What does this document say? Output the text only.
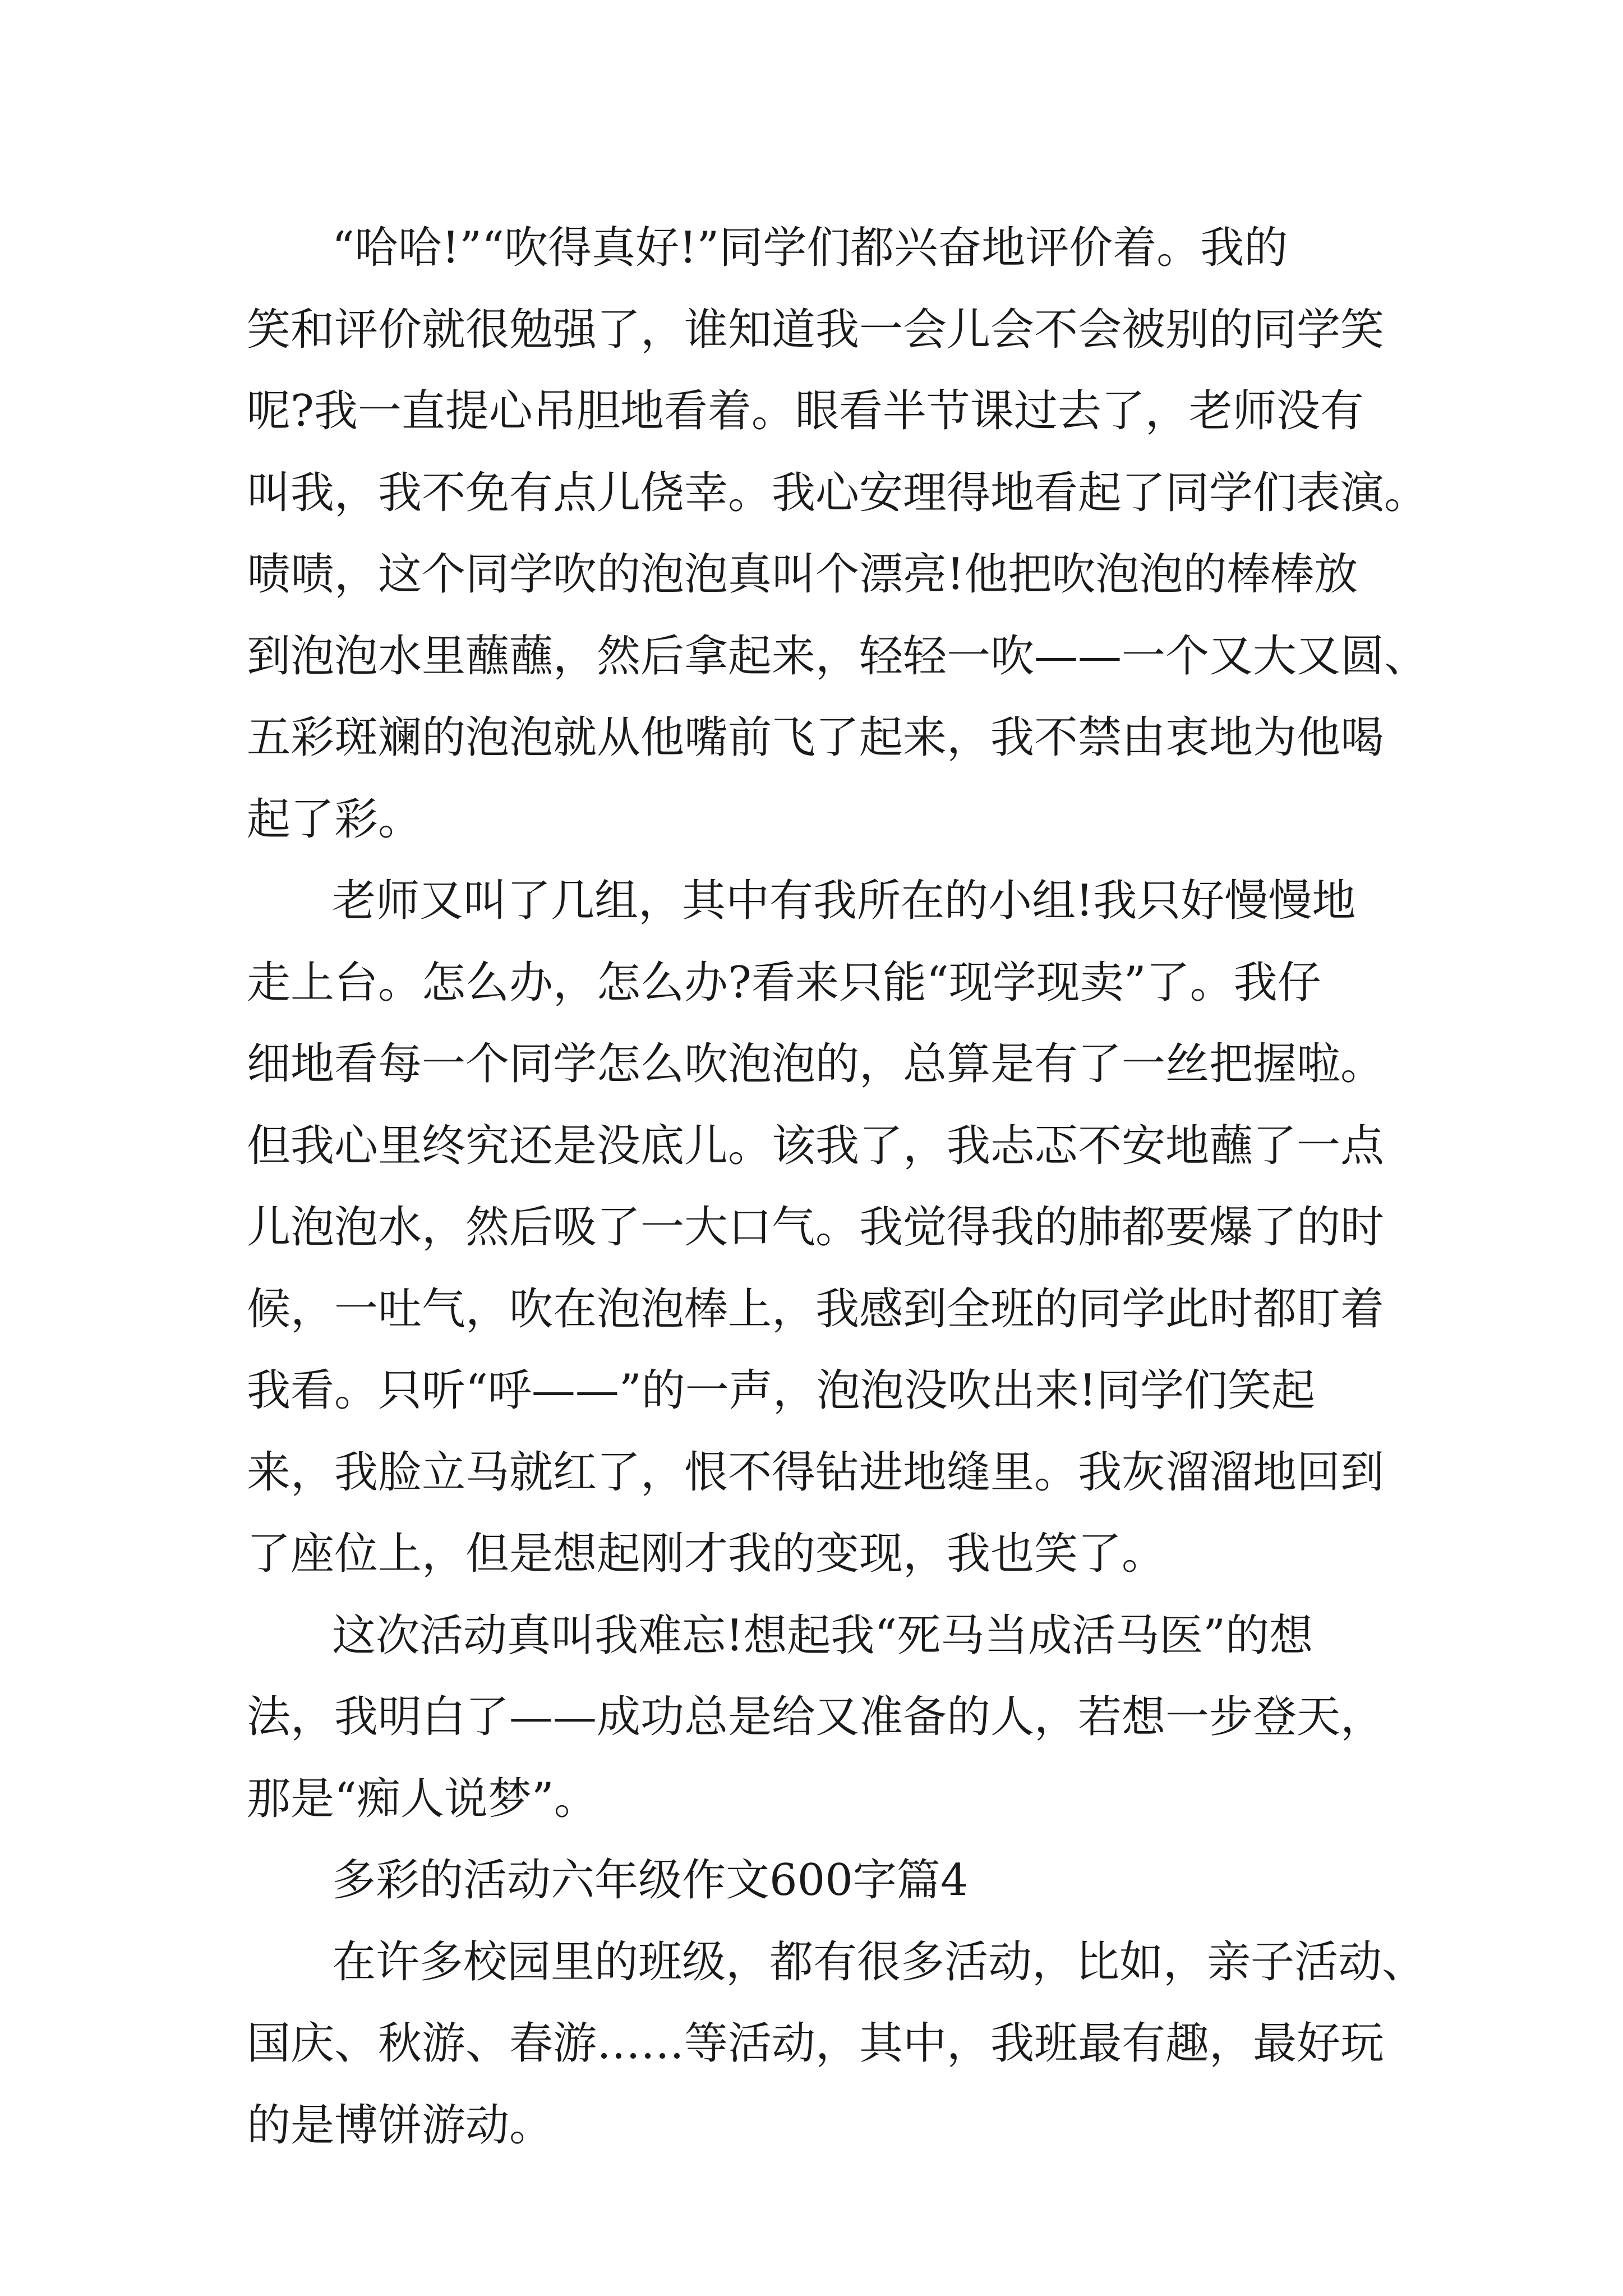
“哈哈!”“吹得真好!”同学们都兴奋地评价着。我的
笑和评价就很勉强了，谁知道我一会儿会不会被别的同学笑
呢?我一直提心吊胆地看着。眼看半节课过去了，老师没有
叫我，我不免有点儿侥幸。我心安理得地看起了同学们表演。
啧啧，这个同学吹的泡泡真叫个漂亮!他把吹泡泡的棒棒放
到泡泡水里蘸蘸，然后拿起来，轻轻一吹——一个又大又圆、
五彩斑斓的泡泡就从他嘴前飞了起来，我不禁由衷地为他喝
起了彩。
老师又叫了几组，其中有我所在的小组!我只好慢慢地
走上台。怎么办，怎么办?看来只能“现学现卖”了。我仔
细地看每一个同学怎么吹泡泡的，总算是有了一丝把握啦。
但我心里终究还是没底儿。该我了，我忐忑不安地蘸了一点
儿泡泡水，然后吸了一大口气。我觉得我的肺都要爆了的时
候，一吐气，吹在泡泡棒上，我感到全班的同学此时都盯着
我看。只听“呼——”的一声，泡泡没吹出来!同学们笑起
来，我脸立马就红了，恨不得钻进地缝里。我灰溜溜地回到
了座位上，但是想起刚才我的变现，我也笑了。
这次活动真叫我难忘!想起我“死马当成活马医”的想
法，我明白了——成功总是给又准备的人，若想一步登天，
那是“痴人说梦”。
多彩的活动六年级作文600字篇4
在许多校园里的班级，都有很多活动，比如，亲子活动、
国庆、秋游、春游……等活动，其中，我班最有趣，最好玩
的是博饼游动。
